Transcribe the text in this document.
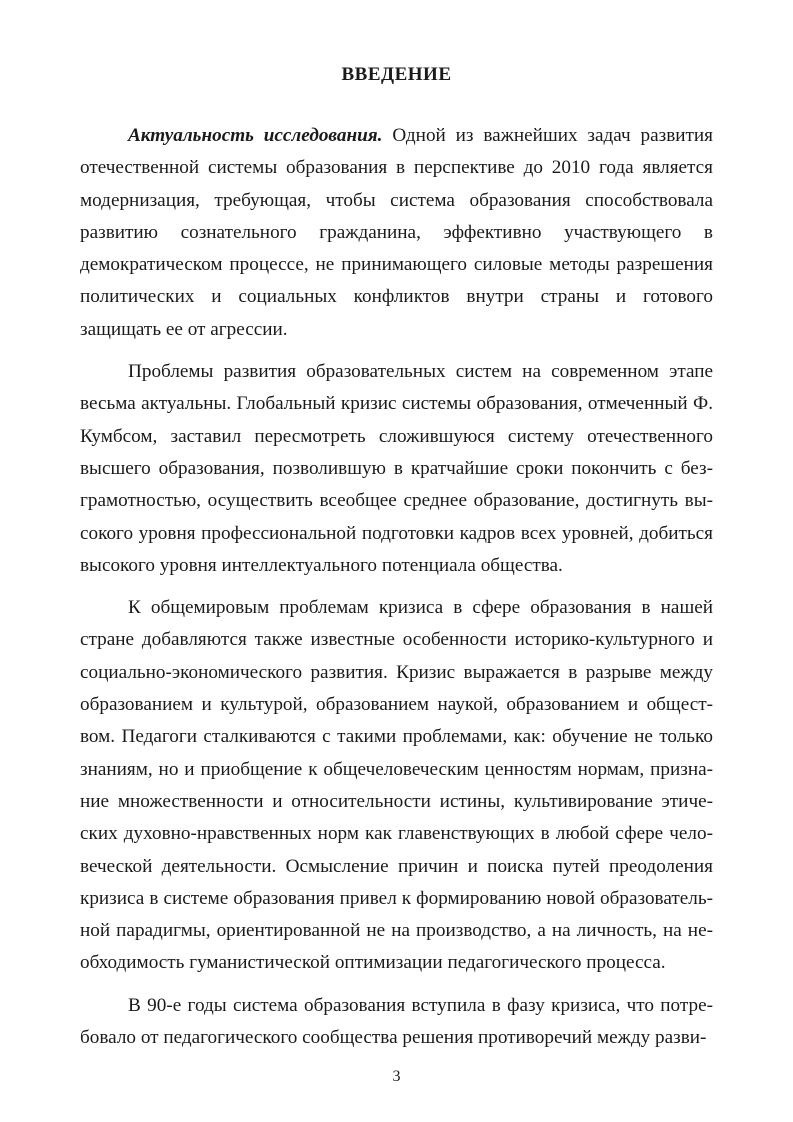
ВВЕДЕНИЕ

Актуальность исследования. Одной из важнейших задач развития отечественной системы образования в перспективе до 2010 года является модернизация, требующая, чтобы система образования способствовала развитию сознательного гражданина, эффективно участвующего в демократическом процессе, не принимающего силовые методы разрешения политических и социальных конфликтов внутри страны и готового защищать ее от агрессии.

Проблемы развития образовательных систем на современном этапе весьма актуальны. Глобальный кризис системы образования, отмеченный Ф. Кумбсом, заставил пересмотреть сложившуюся систему отечественного высшего образования, позволившую в кратчайшие сроки покончить с безграмотностью, осуществить всеобщее среднее образование, достигнуть высокого уровня профессиональной подготовки кадров всех уровней, добиться высокого уровня интеллектуального потенциала общества.

К общемировым проблемам кризиса в сфере образования в нашей стране добавляются также известные особенности историко-культурного и социально-экономического развития. Кризис выражается в разрыве между образованием и культурой, образованием наукой, образованием и обществом. Педагоги сталкиваются с такими проблемами, как: обучение не только знаниям, но и приобщение к общечеловеческим ценностям нормам, признание множественности и относительности истины, культивирование этических духовно-нравственных норм как главенствующих в любой сфере человеческой деятельности. Осмысление причин и поиска путей преодоления кризиса в системе образования привел к формированию новой образовательной парадигмы, ориентированной не на производство, а на личность, на необходимость гуманистической оптимизации педагогического процесса.

В 90-е годы система образования вступила в фазу кризиса, что потребовало от педагогического сообщества решения противоречий между разви-

3
